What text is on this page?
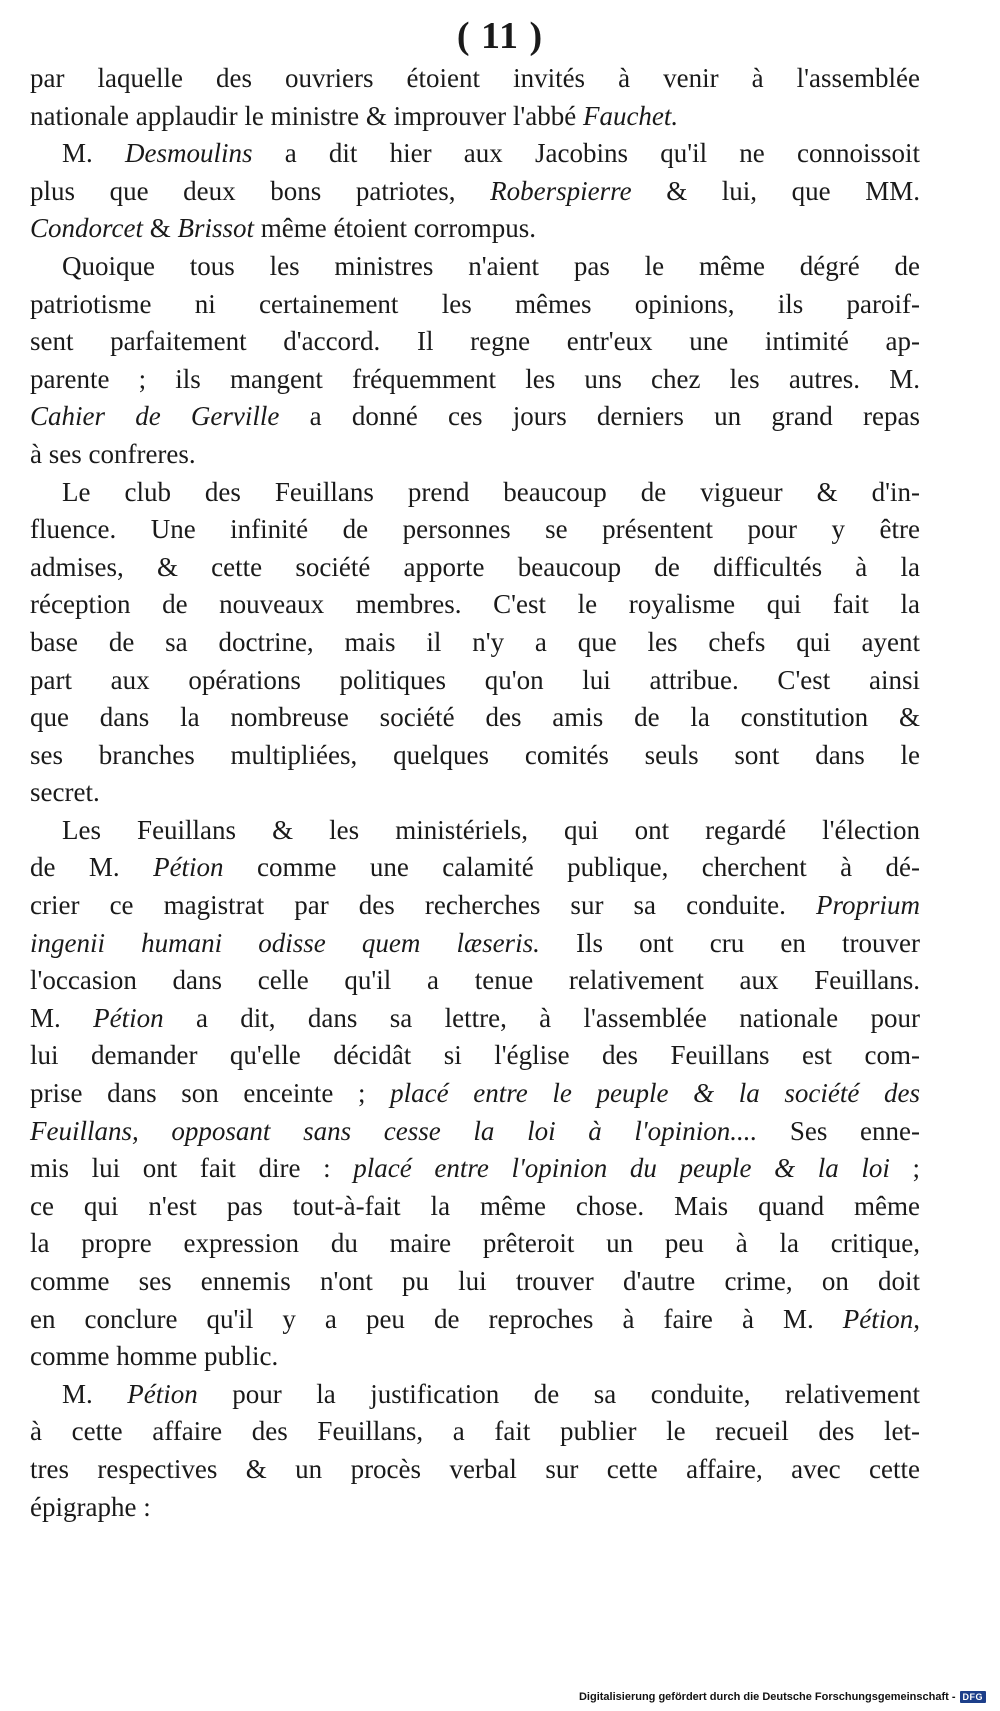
( 11 )

par laquelle des ouvriers étoient invités à venir à l'assemblée
nationale applaudir le ministre & improuver l'abbé Fauchet.

M. Desmoulins a dit hier aux Jacobins qu'il ne connoissoit
plus que deux bons patriotes, Roberspierre & lui, que MM.
Condorcet & Brissot même étoient corrompus.

Quoique tous les ministres n'aient pas le même dégré de
patriotisme ni certainement les mêmes opinions, ils paroif-
sent parfaitement d'accord. Il regne entr'eux une intimité ap-
parente ; ils mangent fréquemment les uns chez les autres. M.
Cahier de Gerville a donné ces jours derniers un grand repas
à ses confreres.

Le club des Feuillans prend beaucoup de vigueur & d'in-
fluence. Une infinité de personnes se présentent pour y être
admises, & cette société apporte beaucoup de difficultés à la
réception de nouveaux membres. C'est le royalisme qui fait la
base de sa doctrine, mais il n'y a que les chefs qui ayent
part aux opérations politiques qu'on lui attribue. C'est ainsi
que dans la nombreuse société des amis de la constitution &
ses branches multipliées, quelques comités seuls sont dans le
secret.

Les Feuillans & les ministériels, qui ont regardé l'élection
de M. Pétion comme une calamité publique, cherchent à dé-
crier ce magistrat par des recherches sur sa conduite. Proprium
ingenii humani odisse quem læseris. Ils ont cru en trouver
l'occasion dans celle qu'il a tenue relativement aux Feuillans.
M. Pétion a dit, dans sa lettre, à l'assemblée nationale pour
lui demander qu'elle décidât si l'église des Feuillans est com-
prise dans son enceinte ; placé entre le peuple & la société des
Feuillans, opposant sans cesse la loi à l'opinion.... Ses enne-
mis lui ont fait dire : placé entre l'opinion du peuple & la loi ;
ce qui n'est pas tout-à-fait la même chose. Mais quand même
la propre expression du maire prêteroit un peu à la critique,
comme ses ennemis n'ont pu lui trouver d'autre crime, on doit
en conclure qu'il y a peu de reproches à faire à M. Pétion,
comme homme public.

M. Pétion pour la justification de sa conduite, relativement
à cette affaire des Feuillans, a fait publier le recueil des let-
tres respectives & un procès verbal sur cette affaire, avec cette
épigraphe :

Digitalisierung gefördert durch die Deutsche Forschungsgemeinschaft - DFG
